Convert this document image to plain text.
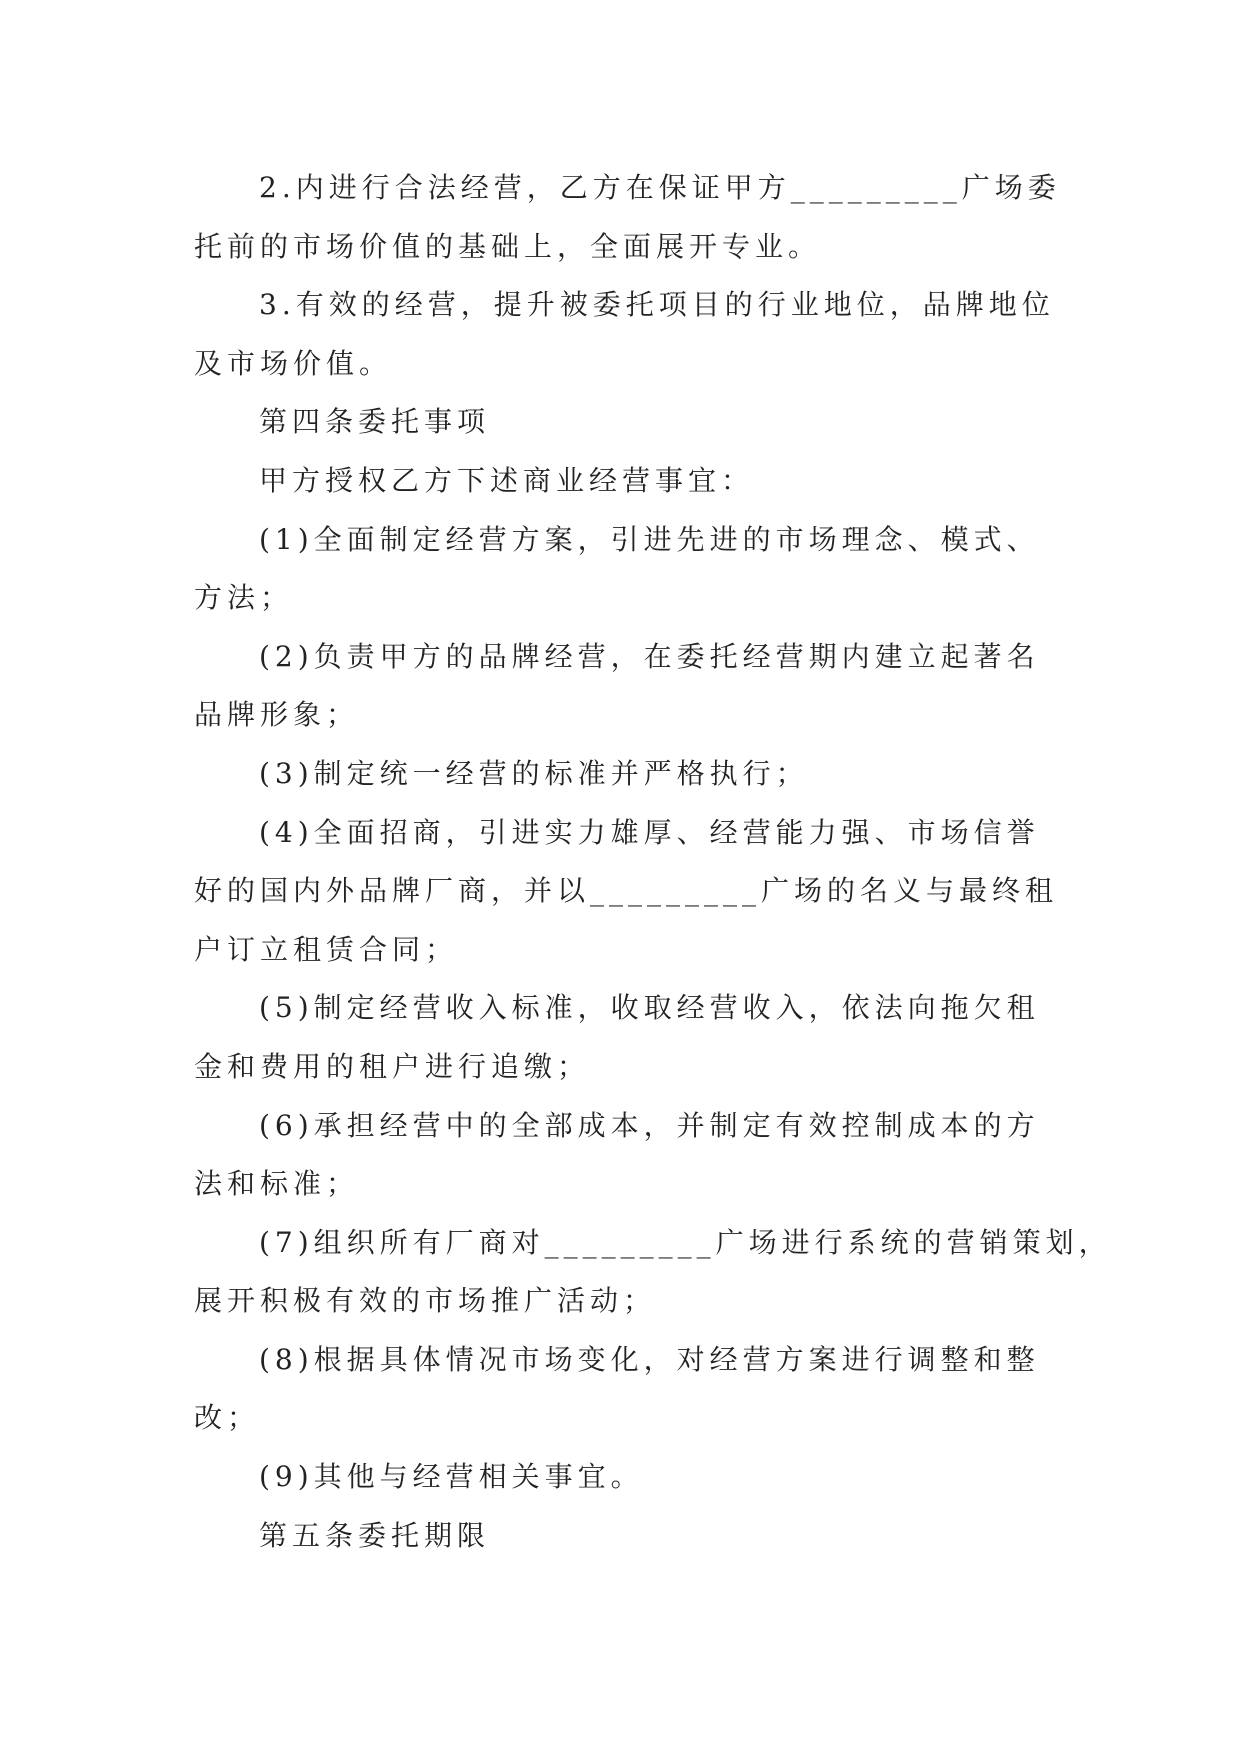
2.内进行合法经营，乙方在保证甲方_________广场委
托前的市场价值的基础上，全面展开专业。
3.有效的经营，提升被委托项目的行业地位，品牌地位
及市场价值。
第四条委托事项
甲方授权乙方下述商业经营事宜：
(1)全面制定经营方案，引进先进的市场理念、模式、
方法；
(2)负责甲方的品牌经营，在委托经营期内建立起著名
品牌形象；
(3)制定统一经营的标准并严格执行；
(4)全面招商，引进实力雄厚、经营能力强、市场信誉
好的国内外品牌厂商，并以_________广场的名义与最终租
户订立租赁合同；
(5)制定经营收入标准，收取经营收入，依法向拖欠租
金和费用的租户进行追缴；
(6)承担经营中的全部成本，并制定有效控制成本的方
法和标准；
(7)组织所有厂商对_________广场进行系统的营销策划，
展开积极有效的市场推广活动；
(8)根据具体情况市场变化，对经营方案进行调整和整
改；
(9)其他与经营相关事宜。
第五条委托期限
